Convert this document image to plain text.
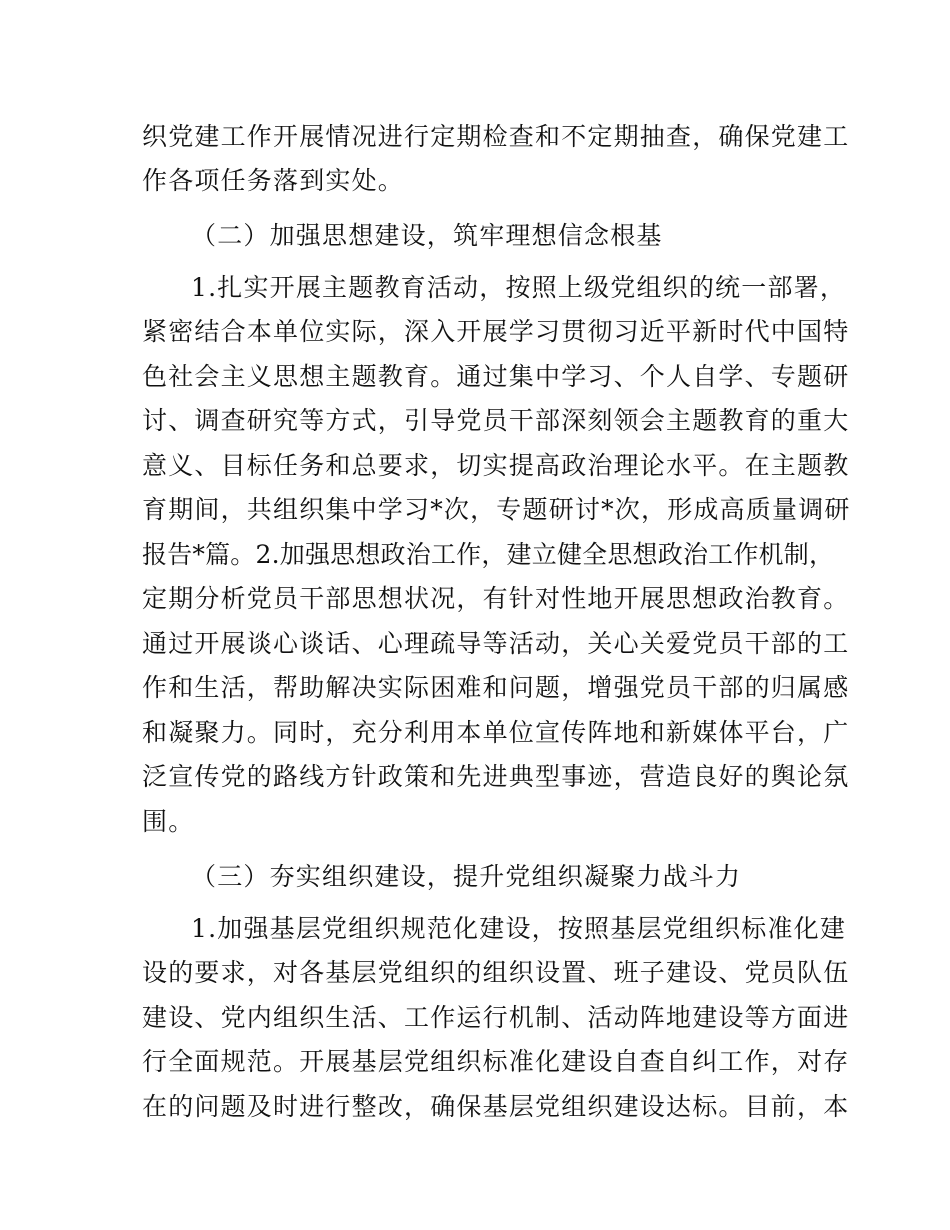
织党建工作开展情况进行定期检查和不定期抽查，确保党建工
作各项任务落到实处。
（二）加强思想建设，筑牢理想信念根基
1.扎实开展主题教育活动，按照上级党组织的统一部署，
紧密结合本单位实际，深入开展学习贯彻习近平新时代中国特
色社会主义思想主题教育。通过集中学习、个人自学、专题研
讨、调查研究等方式，引导党员干部深刻领会主题教育的重大
意义、目标任务和总要求，切实提高政治理论水平。在主题教
育期间，共组织集中学习*次，专题研讨*次，形成高质量调研
报告*篇。2.加强思想政治工作，建立健全思想政治工作机制，
定期分析党员干部思想状况，有针对性地开展思想政治教育。
通过开展谈心谈话、心理疏导等活动，关心关爱党员干部的工
作和生活，帮助解决实际困难和问题，增强党员干部的归属感
和凝聚力。同时，充分利用本单位宣传阵地和新媒体平台，广
泛宣传党的路线方针政策和先进典型事迹，营造良好的舆论氛
围。
（三）夯实组织建设，提升党组织凝聚力战斗力
1.加强基层党组织规范化建设，按照基层党组织标准化建
设的要求，对各基层党组织的组织设置、班子建设、党员队伍
建设、党内组织生活、工作运行机制、活动阵地建设等方面进
行全面规范。开展基层党组织标准化建设自查自纠工作，对存
在的问题及时进行整改，确保基层党组织建设达标。目前，本
